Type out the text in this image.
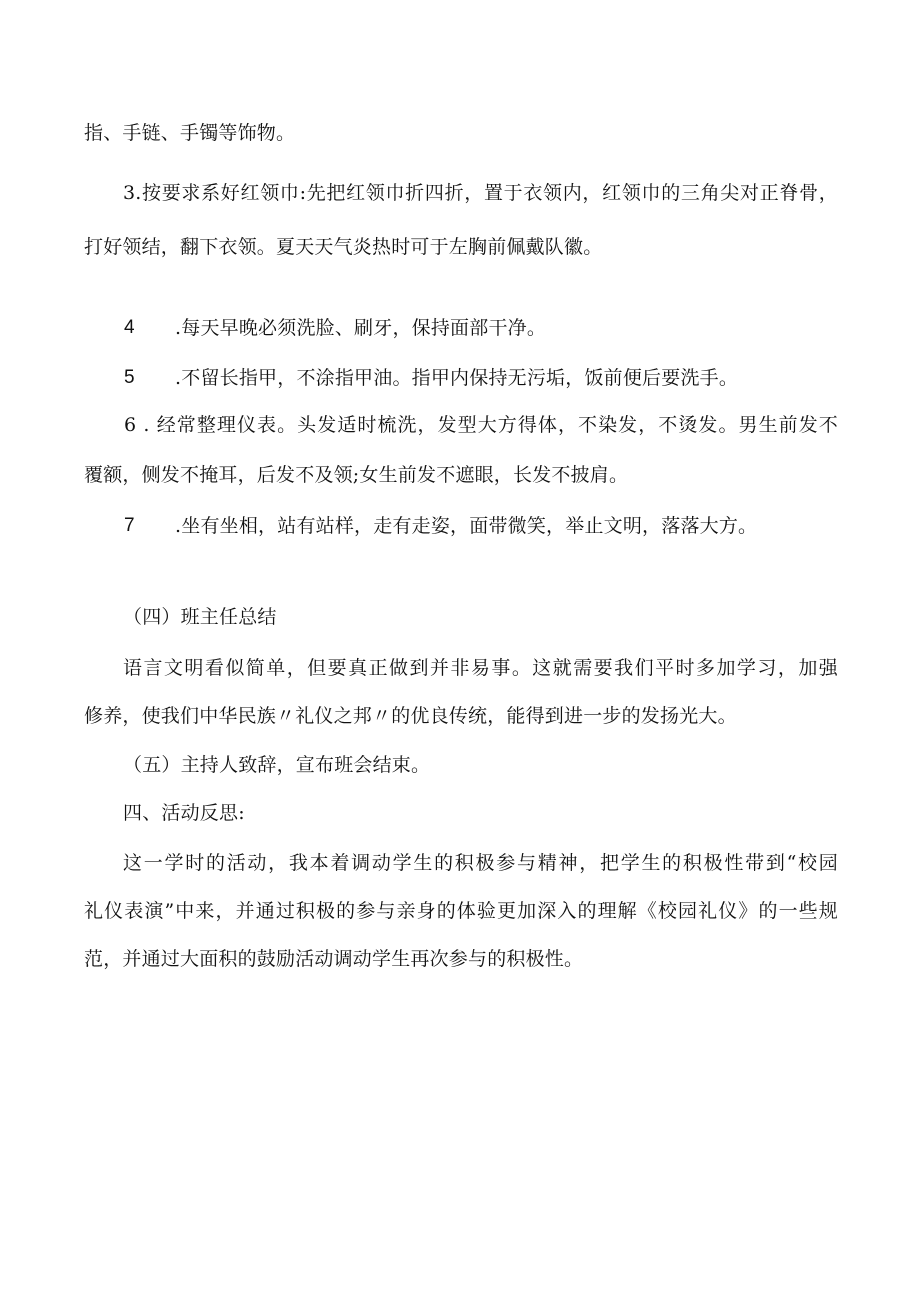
指、手链、手镯等饰物。
3.按要求系好红领巾:先把红领巾折四折，置于衣领内，红领巾的三角尖对正脊骨，
打好领结，翻下衣领。夏天天气炎热时可于左胸前佩戴队徽。
4 .每天早晚必须洗脸、刷牙，保持面部干净。
5 .不留长指甲，不涂指甲油。指甲内保持无污垢，饭前便后要洗手。
6 . 经常整理仪表。头发适时梳洗，发型大方得体，不染发，不烫发。男生前发不
覆额，侧发不掩耳，后发不及领;女生前发不遮眼，长发不披肩。
7 .坐有坐相，站有站样，走有走姿，面带微笑，举止文明，落落大方。
（四）班主任总结
语言文明看似简单，但要真正做到并非易事。这就需要我们平时多加学习，加强
修养，使我们中华民族〃礼仪之邦〃的优良传统，能得到进一步的发扬光大。
（五）主持人致辞，宣布班会结束。
四、活动反思:
这一学时的活动，我本着调动学生的积极参与精神，把学生的积极性带到“校园
礼仪表演”中来，并通过积极的参与亲身的体验更加深入的理解《校园礼仪》的一些规
范，并通过大面积的鼓励活动调动学生再次参与的积极性。
